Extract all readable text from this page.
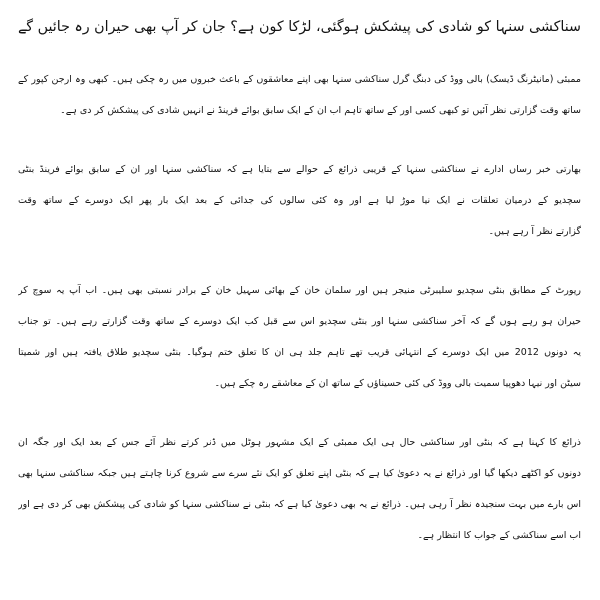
سناکشی سنہا کو شادی کی پیشکش ہوگئی، لڑکا کون ہے؟ جان کر آپ بھی حیران رہ جائیں گے
ممبئی (مانیٹرنگ ڈیسک) بالی ووڈ کی دبنگ گرل سناکشی سنہا بھی اپنے معاشقوں کے باعث خبروں میں رہ چکی ہیں۔ کبھی وہ ارجن کپور کے
ساتھ وقت گزارتی نظر آئیں تو کبھی کسی اور کے ساتھ تاہم اب ان کے ایک سابق بوائے فرینڈ نے انہیں شادی کی پیشکش کر دی ہے۔
بھارتی خبر رساں ادارے نے سناکشی سنہا کے قریبی ذرائع کے حوالے سے بتایا ہے کہ سناکشی سنہا اور ان کے سابق بوائے فرینڈ بنٹی
سچدیو کے درمیان تعلقات نے ایک نیا موڑ لیا ہے اور وہ کئی سالوں کی جدائی کے بعد ایک بار پھر ایک دوسرے کے ساتھ وقت
گزارتے نظر آ رہے ہیں۔
رپورٹ کے مطابق بنٹی سچدیو سلیبرٹی منیجر ہیں اور سلمان خان کے بھائی سہیل خان کے برادر نسبتی بھی ہیں۔ اب آپ یہ سوچ کر
حیران ہو رہے ہوں گے کہ آخر سناکشی سنہا اور بنٹی سچدیو اس سے قبل کب ایک دوسرے کے ساتھ وقت گزارتے رہے ہیں۔ تو جناب
یہ دونوں 2012 میں ایک دوسرے کے انتہائی قریب تھے تاہم جلد ہی ان کا تعلق ختم ہوگیا۔ بنٹی سچدیو طلاق یافتہ ہیں اور شمیتا
سیٹن اور نیہا دھوپیا سمیت بالی ووڈ کی کئی حسیناؤں کے ساتھ ان کے معاشقے رہ چکے ہیں۔
ذرائع کا کہنا ہے کہ بنٹی اور سناکشی حال ہی ایک ممبئی کے ایک مشہور ہوٹل میں ڈنر کرتے نظر آئے جس کے بعد ایک اور جگہ ان
دونوں کو اکٹھے دیکھا گیا اور ذرائع نے یہ دعویٰ کیا ہے کہ بنٹی اپنے تعلق کو ایک نئے سرے سے شروع کرنا چاہتے ہیں جبکہ سناکشی سنہا بھی
اس بارے میں بہت سنجیدہ نظر آ رہی ہیں۔ ذرائع نے یہ بھی دعویٰ کیا ہے کہ بنٹی نے سناکشی سنہا کو شادی کی پیشکش بھی کر دی ہے اور
اب اسے سناکشی کے جواب کا انتظار ہے۔
